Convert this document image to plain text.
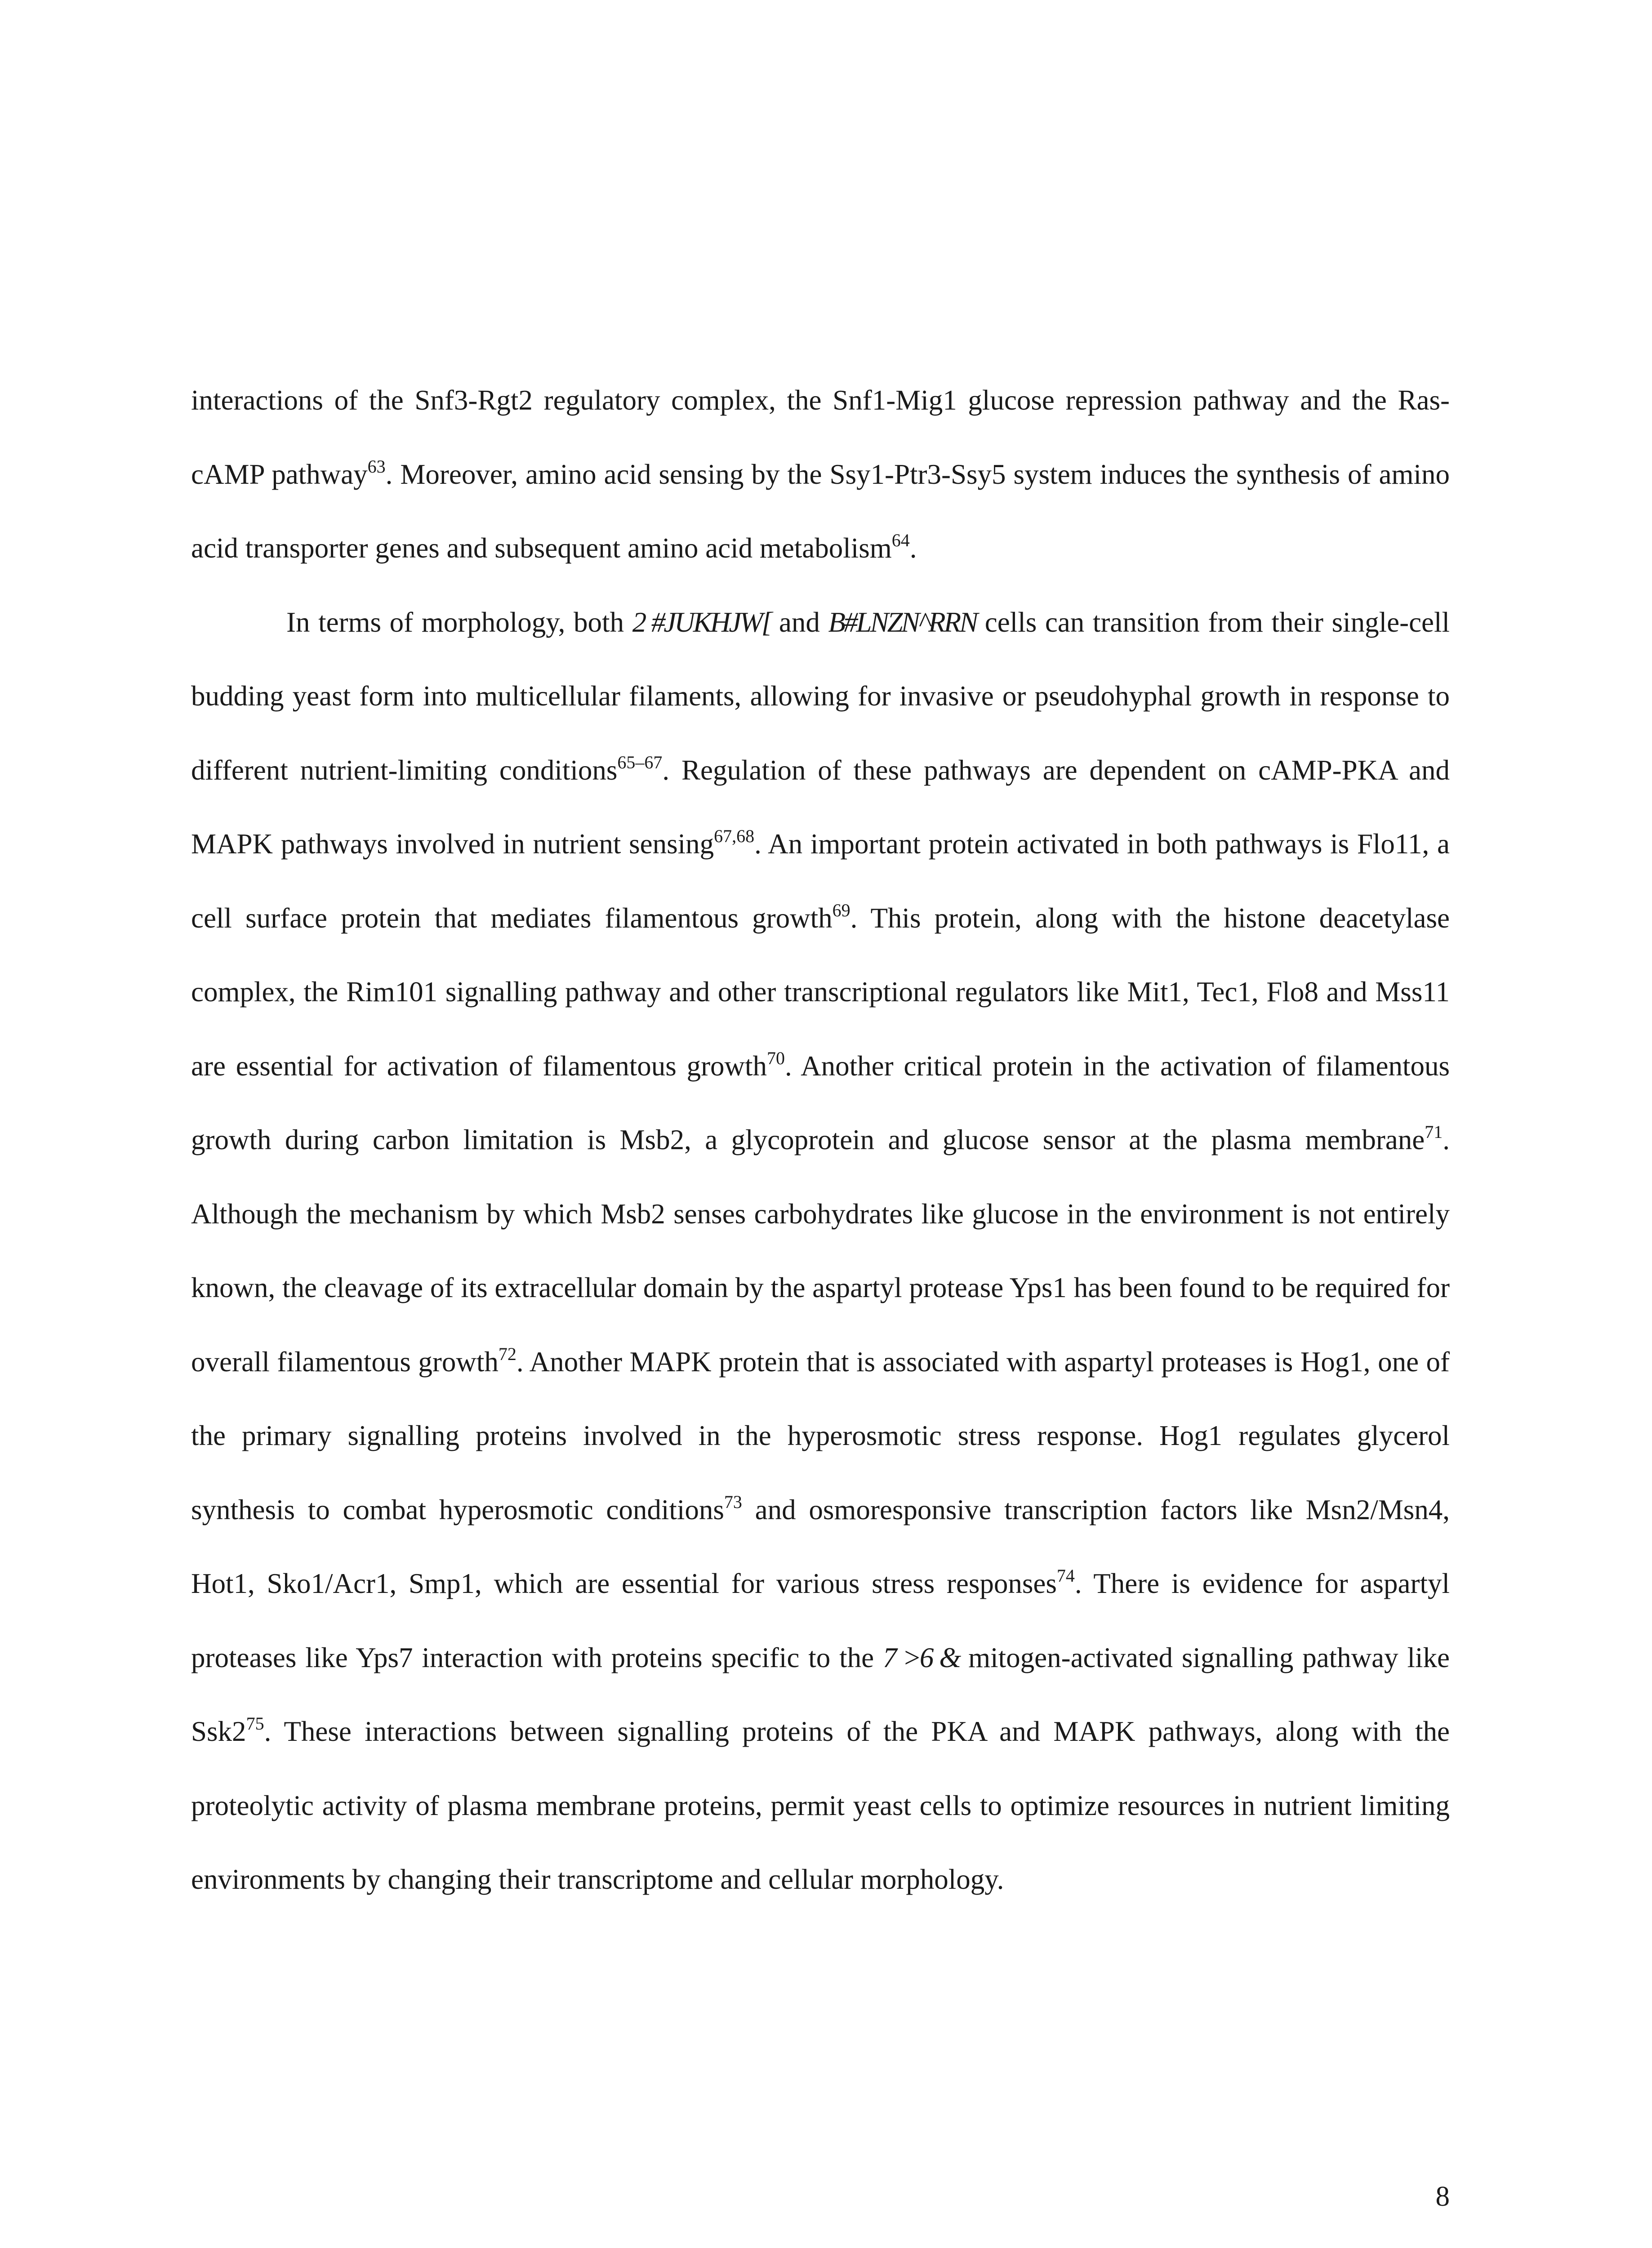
interactions of the Snf3-Rgt2 regulatory complex, the Snf1-Mig1 glucose repression pathway and the Ras-cAMP pathway$^{63}$. Moreover, amino acid sensing by the Ssy1-Ptr3-Ssy5 system induces the synthesis of amino acid transporter genes and subsequent amino acid metabolism$^{64}$.

In terms of morphology, both 2 #JUKHJW[ and B#LNZN^RRN cells can transition from their single-cell budding yeast form into multicellular filaments, allowing for invasive or pseudohyphal growth in response to different nutrient-limiting conditions$^{65-67}$. Regulation of these pathways are dependent on cAMP-PKA and MAPK pathways involved in nutrient sensing$^{67,68}$. An important protein activated in both pathways is Flo11, a cell surface protein that mediates filamentous growth$^{69}$. This protein, along with the histone deacetylase complex, the Rim101 signalling pathway and other transcriptional regulators like Mit1, Tec1, Flo8 and Mss11 are essential for activation of filamentous growth$^{70}$. Another critical protein in the activation of filamentous growth during carbon limitation is Msb2, a glycoprotein and glucose sensor at the plasma membrane$^{71}$. Although the mechanism by which Msb2 senses carbohydrates like glucose in the environment is not entirely known, the cleavage of its extracellular domain by the aspartyl protease Yps1 has been found to be required for overall filamentous growth$^{72}$. Another MAPK protein that is associated with aspartyl proteases is Hog1, one of the primary signalling proteins involved in the hyperosmotic stress response. Hog1 regulates glycerol synthesis to combat hyperosmotic conditions$^{73}$ and osmoresponsive transcription factors like Msn2/Msn4, Hot1, Sko1/Acr1, Smp1, which are essential for various stress responses$^{74}$. There is evidence for aspartyl proteases like Yps7 interaction with proteins specific to the 7 >6 & mitogen-activated signalling pathway like $Ssk2^{75}$. These interactions between signalling proteins of the PKA and MAPK pathways, along with the proteolytic activity of plasma membrane proteins, permit yeast cells to optimize resources in nutrient limiting environments by changing their transcriptome and cellular morphology.

8
